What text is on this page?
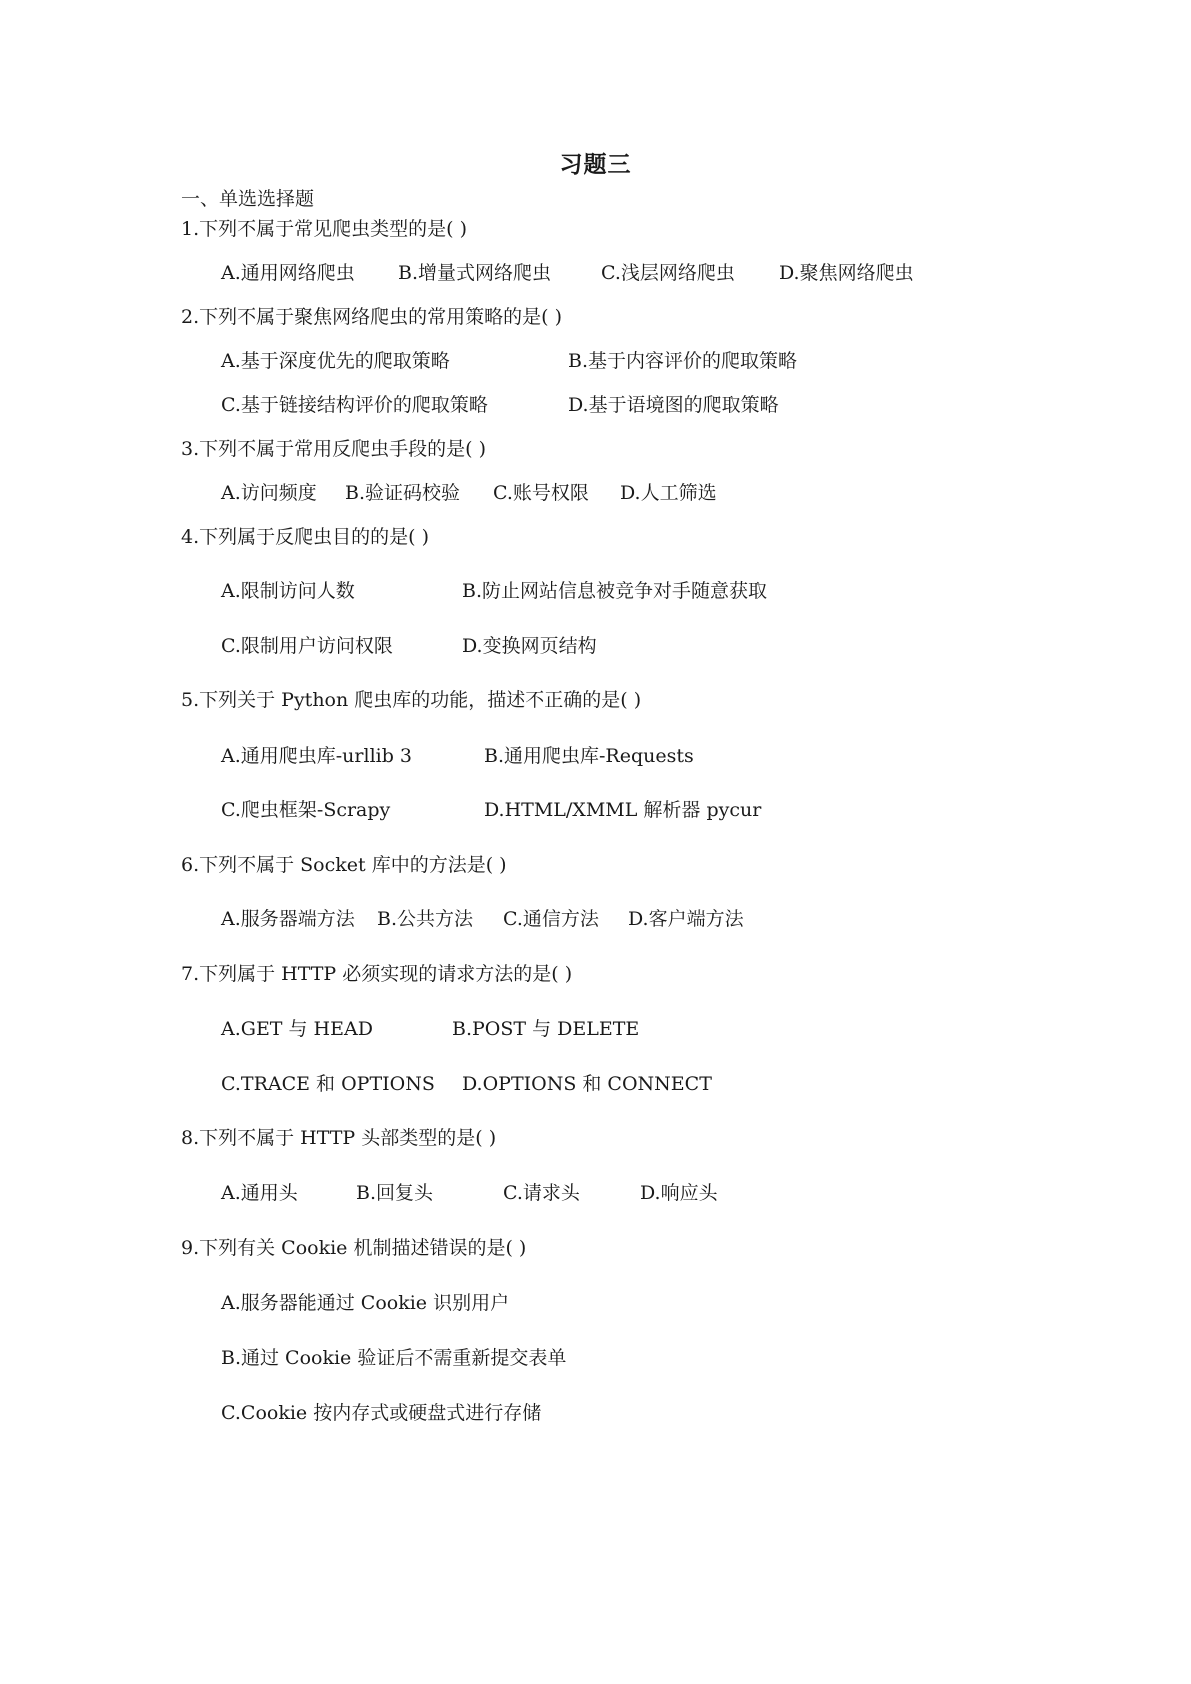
习题三
一、单选选择题
1.下列不属于常见爬虫类型的是( )
A.通用网络爬虫 B.增量式网络爬虫	C.浅层网络爬虫 D.聚焦网络爬虫
2.下列不属于聚焦网络爬虫的常用策略的是( )
A.基于深度优先的爬取策略	B.基于内容评价的爬取策略
C.基于链接结构评价的爬取策略	D.基于语境图的爬取策略
3.下列不属于常用反爬虫手段的是( )
A.访问频度 B.验证码校验 C.账号权限 D.人工筛选
4.下列属于反爬虫目的的是( )
A.限制访问人数	B.防止网站信息被竞争对手随意获取
C.限制用户访问权限	D.变换网页结构
5.下列关于 Python 爬虫库的功能，描述不正确的是( )
A.通用爬虫库-urllib 3	B.通用爬虫库-Requests
C.爬虫框架-Scrapy	D.HTML/XMML 解析器 pycur
6.下列不属于 Socket 库中的方法是( )
A.服务器端方法 B.公共方法 C.通信方法 D.客户端方法
7.下列属于 HTTP 必须实现的请求方法的是( )
A.GET 与 HEAD	B.POST 与 DELETE
C.TRACE 和 OPTIONS D.OPTIONS 和 CONNECT
8.下列不属于 HTTP 头部类型的是( )
A.通用头	B.回复头	C.请求头	D.响应头
9.下列有关 Cookie 机制描述错误的是( )
A.服务器能通过 Cookie 识别用户
B.通过 Cookie 验证后不需重新提交表单
C.Cookie 按内存式或硬盘式进行存储
